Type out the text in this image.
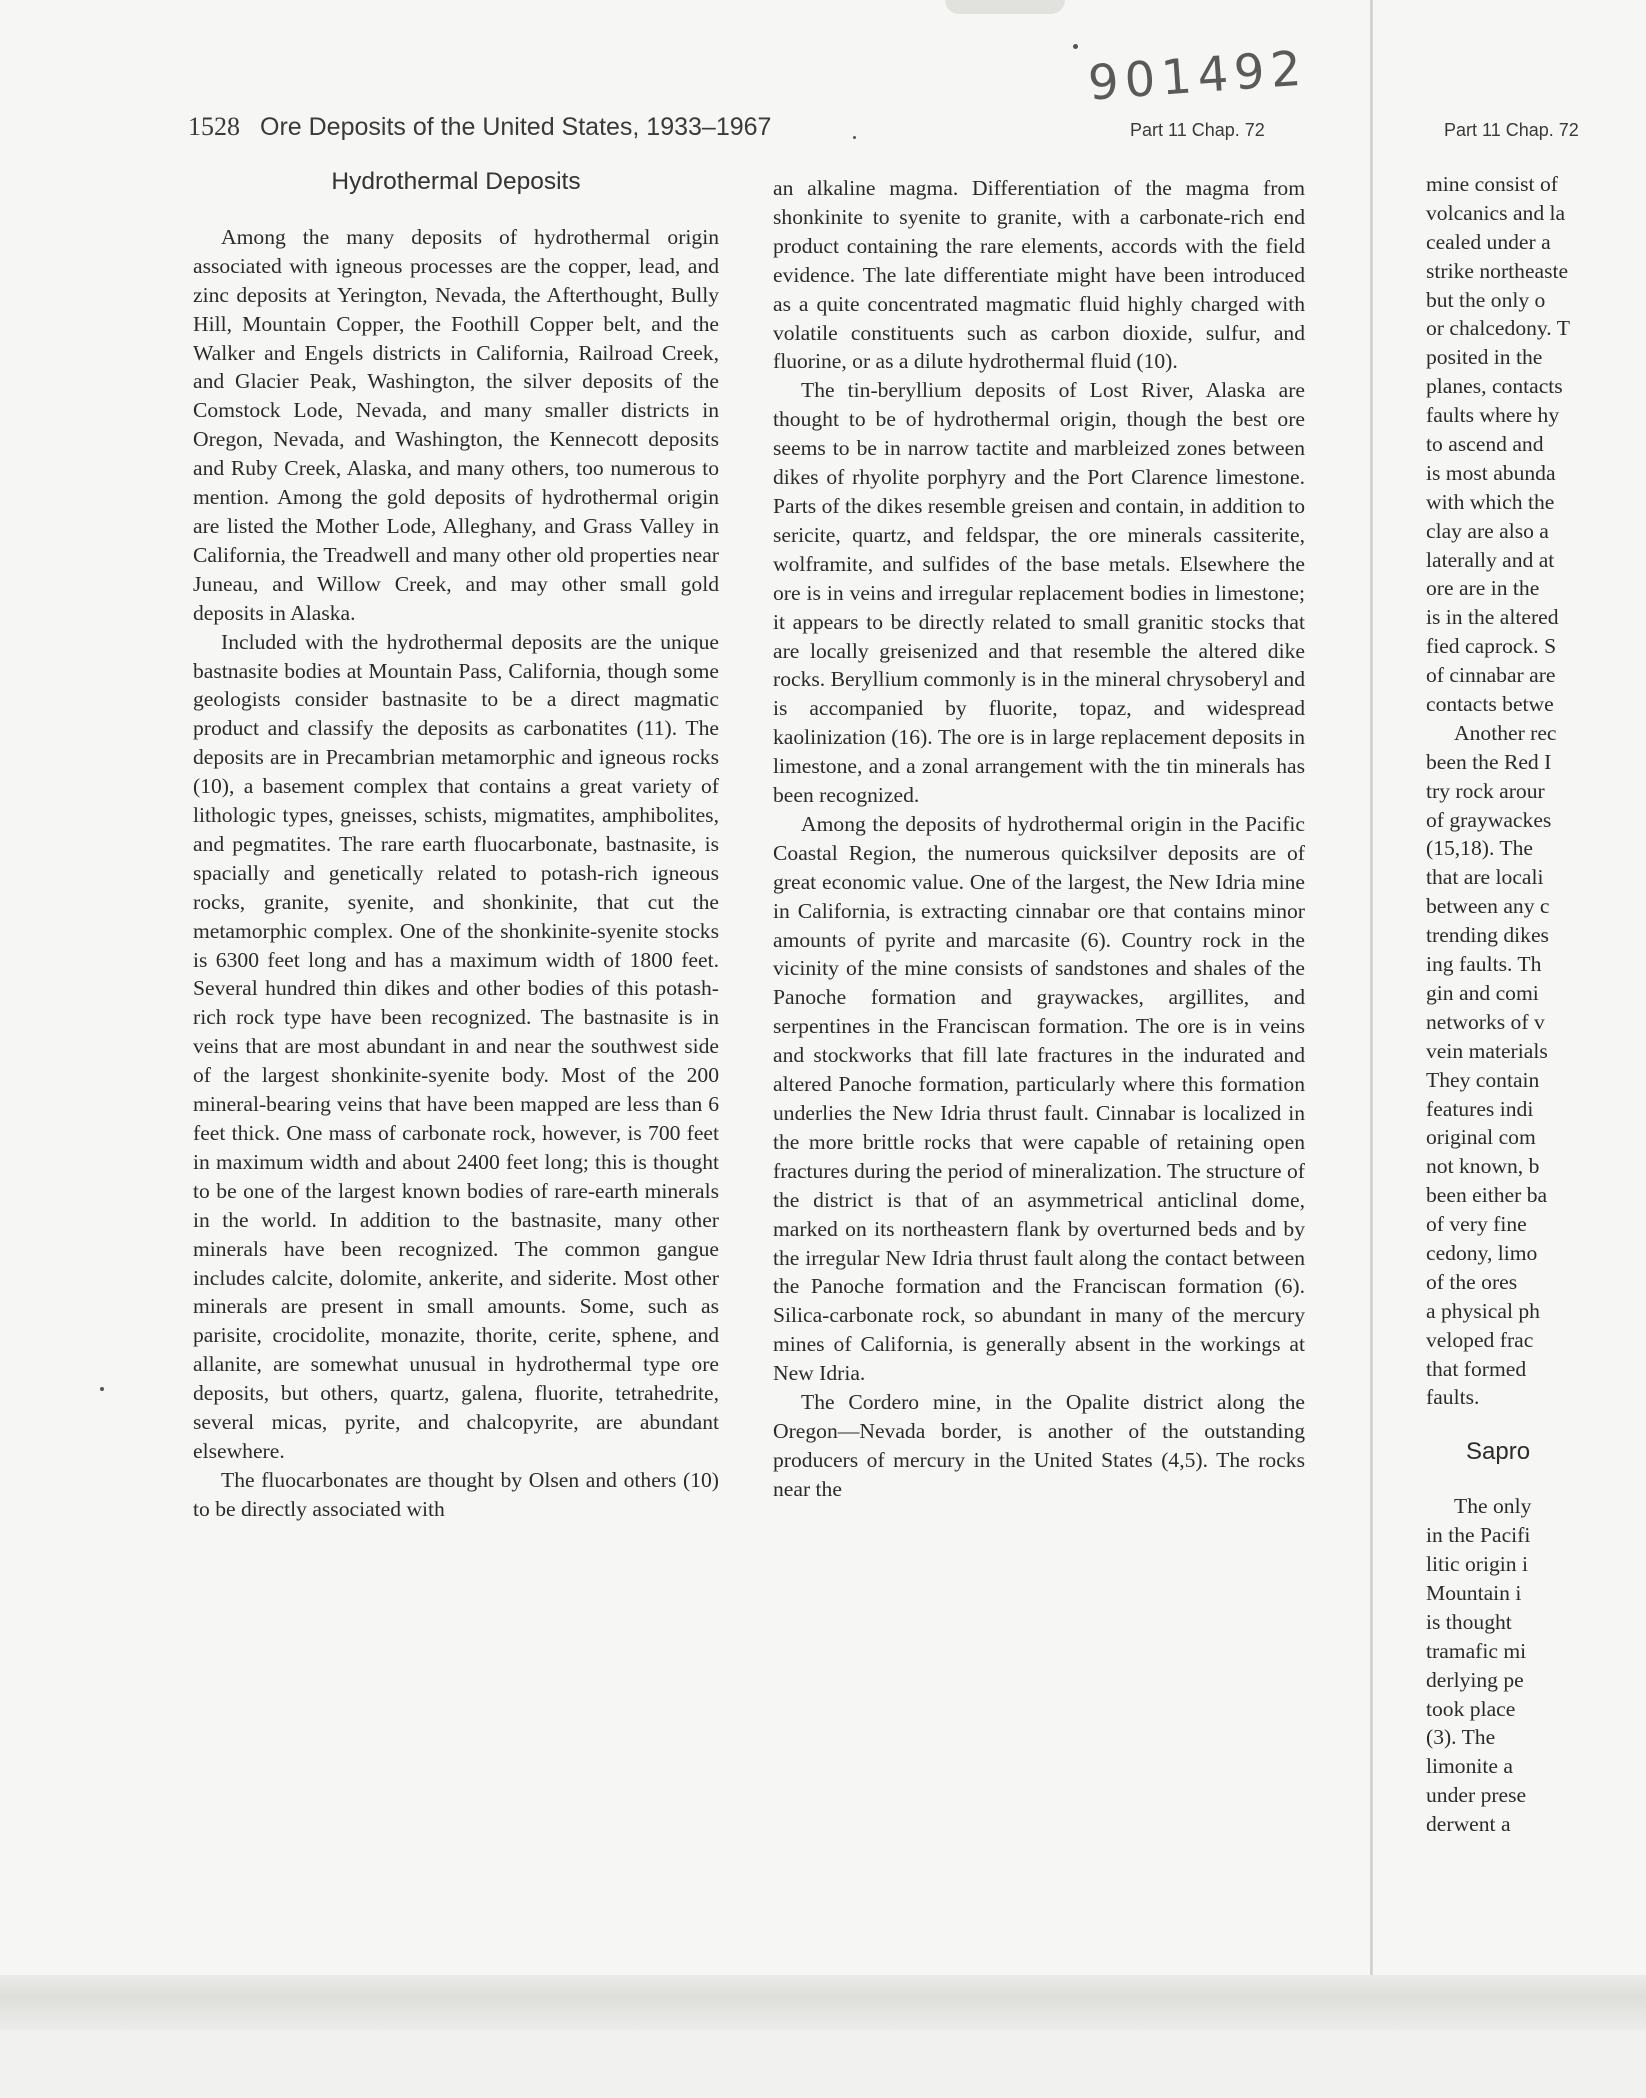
901492
1528 Ore Deposits of the United States, 1933–1967	Part 11 Chap. 72	Part 11 Chap. 72
Hydrothermal Deposits

Among the many deposits of hydrothermal origin associated with igneous processes are the copper, lead, and zinc deposits at Yerington, Nevada, the Afterthought, Bully Hill, Mountain Copper, the Foothill Copper belt, and the Walker and Engels districts in California, Railroad Creek, and Glacier Peak, Washington, the silver deposits of the Comstock Lode, Nevada, and many smaller districts in Oregon, Nevada, and Washington, the Kennecott deposits and Ruby Creek, Alaska, and many others, too numerous to mention. Among the gold deposits of hydrothermal origin are listed the Mother Lode, Alleghany, and Grass Valley in California, the Treadwell and many other old properties near Juneau, and Willow Creek, and may other small gold deposits in Alaska.

Included with the hydrothermal deposits are the unique bastnasite bodies at Mountain Pass, California, though some geologists consider bastnasite to be a direct magmatic product and classify the deposits as carbonatites (11). The deposits are in Precambrian metamorphic and igneous rocks (10), a basement complex that contains a great variety of lithologic types, gneisses, schists, migmatites, amphibolites, and pegmatites. The rare earth fluocarbonate, bastnasite, is spacially and genetically related to potash-rich igneous rocks, granite, syenite, and shonkinite, that cut the metamorphic complex. One of the shonkinite-syenite stocks is 6300 feet long and has a maximum width of 1800 feet. Several hundred thin dikes and other bodies of this potash-rich rock type have been recognized. The bastnasite is in veins that are most abundant in and near the southwest side of the largest shonkinite-syenite body. Most of the 200 mineral-bearing veins that have been mapped are less than 6 feet thick. One mass of carbonate rock, however, is 700 feet in maximum width and about 2400 feet long; this is thought to be one of the largest known bodies of rare-earth minerals in the world. In addition to the bastnasite, many other minerals have been recognized. The common gangue includes calcite, dolomite, ankerite, and siderite. Most other minerals are present in small amounts. Some, such as parisite, crocidolite, monazite, thorite, cerite, sphene, and allanite, are somewhat unusual in hydrothermal type ore deposits, but others, quartz, galena, fluorite, tetrahedrite, several micas, pyrite, and chalcopyrite, are abundant elsewhere.

The fluocarbonates are thought by Olsen and others (10) to be directly associated with

an alkaline magma. Differentiation of the magma from shonkinite to syenite to granite, with a carbonate-rich end product containing the rare elements, accords with the field evidence. The late differentiate might have been introduced as a quite concentrated magmatic fluid highly charged with volatile constituents such as carbon dioxide, sulfur, and fluorine, or as a dilute hydrothermal fluid (10).

The tin-beryllium deposits of Lost River, Alaska are thought to be of hydrothermal origin, though the best ore seems to be in narrow tactite and marbleized zones between dikes of rhyolite porphyry and the Port Clarence limestone. Parts of the dikes resemble greisen and contain, in addition to sericite, quartz, and feldspar, the ore minerals cassiterite, wolframite, and sulfides of the base metals. Elsewhere the ore is in veins and irregular replacement bodies in limestone; it appears to be directly related to small granitic stocks that are locally greisenized and that resemble the altered dike rocks. Beryllium commonly is in the mineral chrysoberyl and is accompanied by fluorite, topaz, and widespread kaolinization (16). The ore is in large replacement deposits in limestone, and a zonal arrangement with the tin minerals has been recognized.

Among the deposits of hydrothermal origin in the Pacific Coastal Region, the numerous quicksilver deposits are of great economic value. One of the largest, the New Idria mine in California, is extracting cinnabar ore that contains minor amounts of pyrite and marcasite (6). Country rock in the vicinity of the mine consists of sandstones and shales of the Panoche formation and graywackes, argillites, and serpentines in the Franciscan formation. The ore is in veins and stockworks that fill late fractures in the indurated and altered Panoche formation, particularly where this formation underlies the New Idria thrust fault. Cinnabar is localized in the more brittle rocks that were capable of retaining open fractures during the period of mineralization. The structure of the district is that of an asymmetrical anticlinal dome, marked on its northeastern flank by overturned beds and by the irregular New Idria thrust fault along the contact between the Panoche formation and the Franciscan formation (6). Silica-carbonate rock, so abundant in many of the mercury mines of California, is generally absent in the workings at New Idria.

The Cordero mine, in the Opalite district along the Oregon—Nevada border, is another of the outstanding producers of mercury in the United States (4,5). The rocks near the

mine consist of
volcanics and la
cealed under a
strike northeaste
but the only o
or chalcedony. T
posited in the
planes, contacts
faults where hy
to ascend and
is most abunda
with which the
clay are also a
laterally and at
ore are in the
is in the altered
fied caprock. S
of cinnabar are
contacts betwe
Another rec
been the Red I
try rock arour
of graywackes
(15,18). The
that are locali
between any c
trending dikes
ing faults. Th
gin and comi
networks of v
vein materials
They contain
features indi
original com
not known, b
been either ba
of very fine
cedony, limo
of the ores
a physical ph
veloped frac
that formed
faults.
Sapro
The only
in the Pacifi
litic origin i
Mountain i
is thought
tramafic mi
derlying pe
took place
(3). The
limonite a
under prese
derwent a
